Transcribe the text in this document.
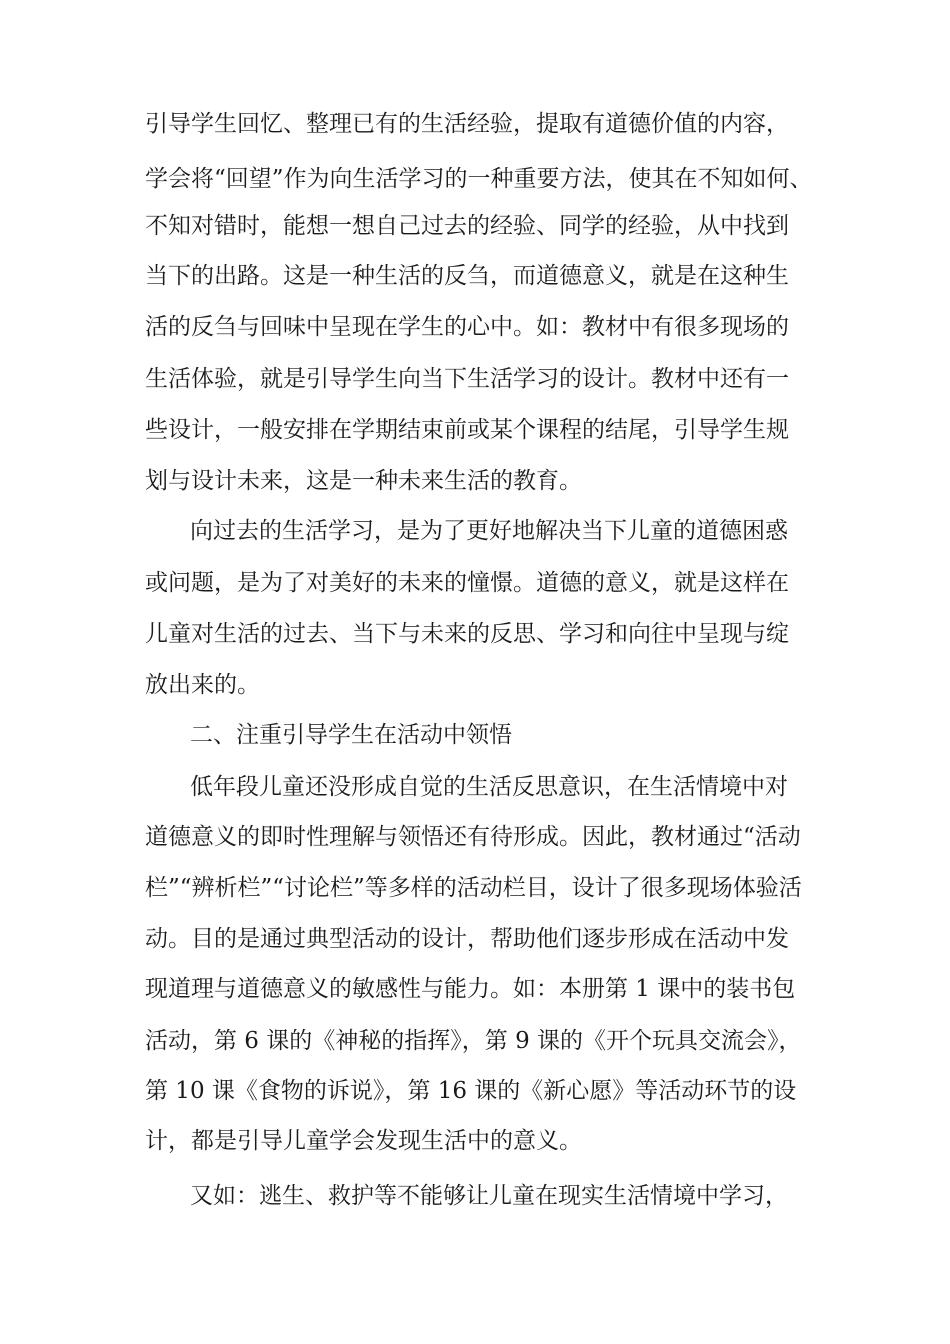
引导学生回忆、整理已有的生活经验，提取有道德价值的内容，
学会将“回望”作为向生活学习的一种重要方法，使其在不知如何、
不知对错时，能想一想自己过去的经验、同学的经验，从中找到
当下的出路。这是一种生活的反刍，而道德意义，就是在这种生
活的反刍与回味中呈现在学生的心中。如：教材中有很多现场的
生活体验，就是引导学生向当下生活学习的设计。教材中还有一
些设计，一般安排在学期结束前或某个课程的结尾，引导学生规
划与设计未来，这是一种未来生活的教育。
向过去的生活学习，是为了更好地解决当下儿童的道德困惑
或问题，是为了对美好的未来的憧憬。道德的意义，就是这样在
儿童对生活的过去、当下与未来的反思、学习和向往中呈现与绽
放出来的。
二、注重引导学生在活动中领悟
低年段儿童还没形成自觉的生活反思意识，在生活情境中对
道德意义的即时性理解与领悟还有待形成。因此，教材通过“活动
栏”“辨析栏”“讨论栏”等多样的活动栏目，设计了很多现场体验活
动。目的是通过典型活动的设计，帮助他们逐步形成在活动中发
现道理与道德意义的敏感性与能力。如：本册第 1 课中的装书包
活动，第 6 课的《神秘的指挥》，第 9 课的《开个玩具交流会》，
第 10 课《食物的诉说》，第 16 课的《新心愿》等活动环节的设
计，都是引导儿童学会发现生活中的意义。
又如：逃生、救护等不能够让儿童在现实生活情境中学习，
